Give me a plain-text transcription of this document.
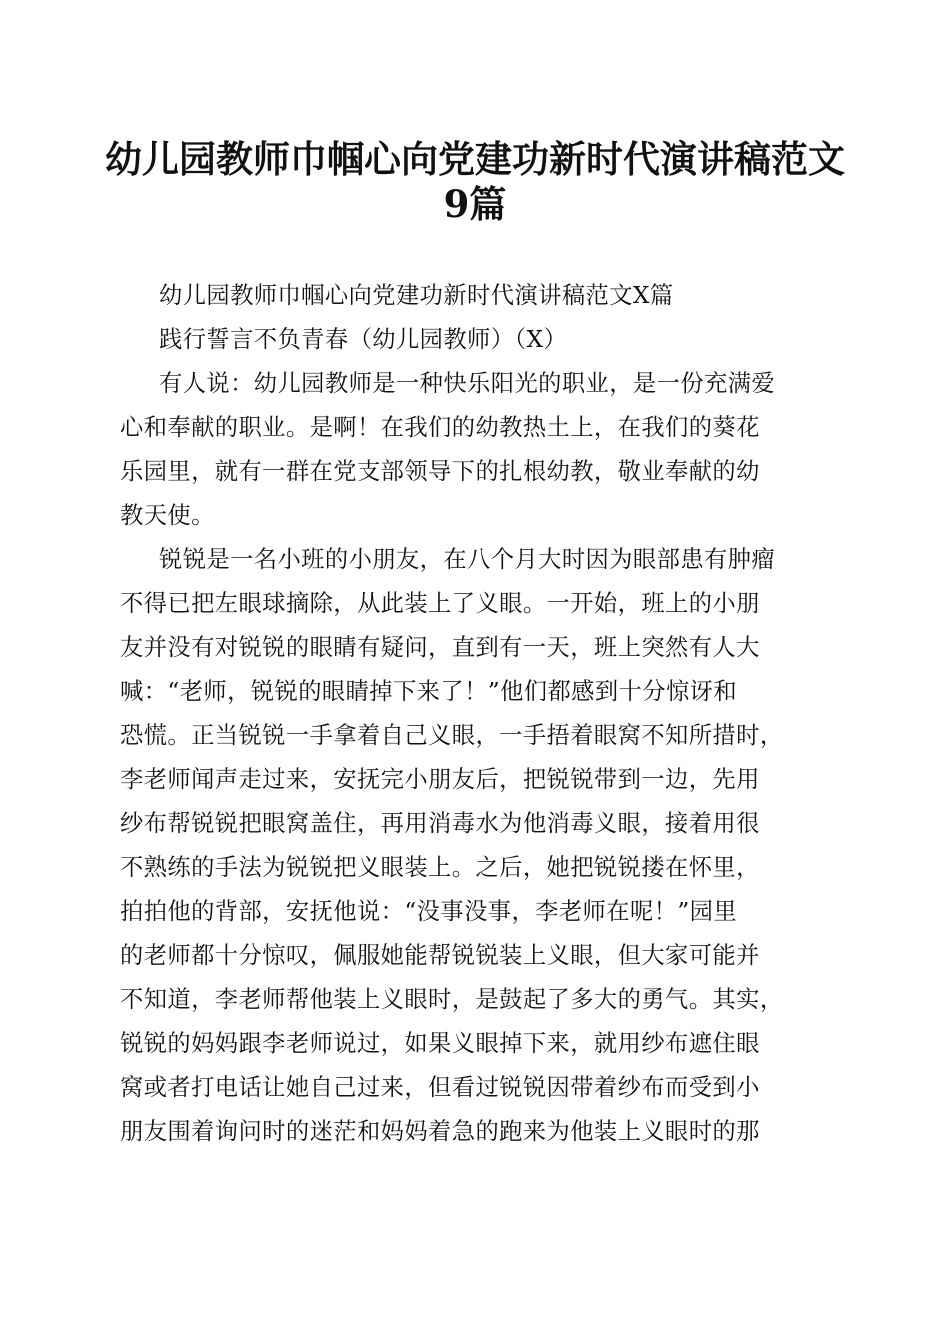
幼儿园教师巾帼心向党建功新时代演讲稿范文
9篇
幼儿园教师巾帼心向党建功新时代演讲稿范文X篇
践行誓言不负青春（幼儿园教师）（X）
有人说：幼儿园教师是一种快乐阳光的职业，是一份充满爱
心和奉献的职业。是啊！在我们的幼教热土上，在我们的葵花
乐园里，就有一群在党支部领导下的扎根幼教，敬业奉献的幼
教天使。
锐锐是一名小班的小朋友，在八个月大时因为眼部患有肿瘤
不得已把左眼球摘除，从此装上了义眼。一开始，班上的小朋
友并没有对锐锐的眼睛有疑问，直到有一天，班上突然有人大
喊：“老师，锐锐的眼睛掉下来了！”他们都感到十分惊讶和
恐慌。正当锐锐一手拿着自己义眼，一手捂着眼窝不知所措时，
李老师闻声走过来，安抚完小朋友后，把锐锐带到一边，先用
纱布帮锐锐把眼窝盖住，再用消毒水为他消毒义眼，接着用很
不熟练的手法为锐锐把义眼装上。之后，她把锐锐搂在怀里，
拍拍他的背部，安抚他说：“没事没事，李老师在呢！”园里
的老师都十分惊叹，佩服她能帮锐锐装上义眼，但大家可能并
不知道，李老师帮他装上义眼时，是鼓起了多大的勇气。其实，
锐锐的妈妈跟李老师说过，如果义眼掉下来，就用纱布遮住眼
窝或者打电话让她自己过来，但看过锐锐因带着纱布而受到小
朋友围着询问时的迷茫和妈妈着急的跑来为他装上义眼时的那
